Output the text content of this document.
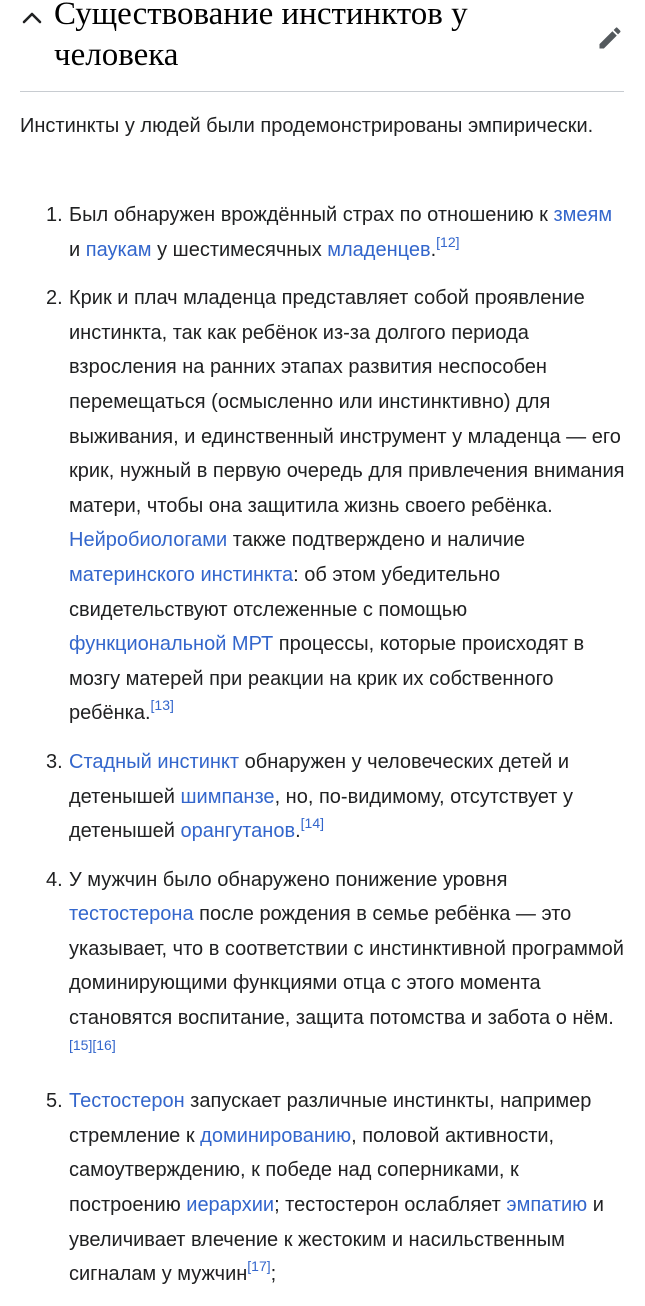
Существование инстинктов у человека

Инстинкты у людей были продемонстрированы эмпирически.

1. Был обнаружен врождённый страх по отношению к змеям и паукам у шестимесячных младенцев.[12]
2. Крик и плач младенца представляет собой проявление инстинкта, так как ребёнок из-за долгого периода взросления на ранних этапах развития неспособен перемещаться (осмысленно или инстинктивно) для выживания, и единственный инструмент у младенца — его крик, нужный в первую очередь для привлечения внимания матери, чтобы она защитила жизнь своего ребёнка. Нейробиологами также подтверждено и наличие материнского инстинкта: об этом убедительно свидетельствуют отслеженные с помощью функциональной МРТ процессы, которые происходят в мозгу матерей при реакции на крик их собственного ребёнка.[13]
3. Стадный инстинкт обнаружен у человеческих детей и детенышей шимпанзе, но, по-видимому, отсутствует у детенышей орангутанов.[14]
4. У мужчин было обнаружено понижение уровня тестостерона после рождения в семье ребёнка — это указывает, что в соответствии с инстинктивной программой доминирующими функциями отца с этого момента становятся воспитание, защита потомства и забота о нём.[15][16]
5. Тестостерон запускает различные инстинкты, например стремление к доминированию, половой активности, самоутверждению, к победе над соперниками, к построению иерархии; тестостерон ослабляет эмпатию и увеличивает влечение к жестоким и насильственным сигналам у мужчин[17];
